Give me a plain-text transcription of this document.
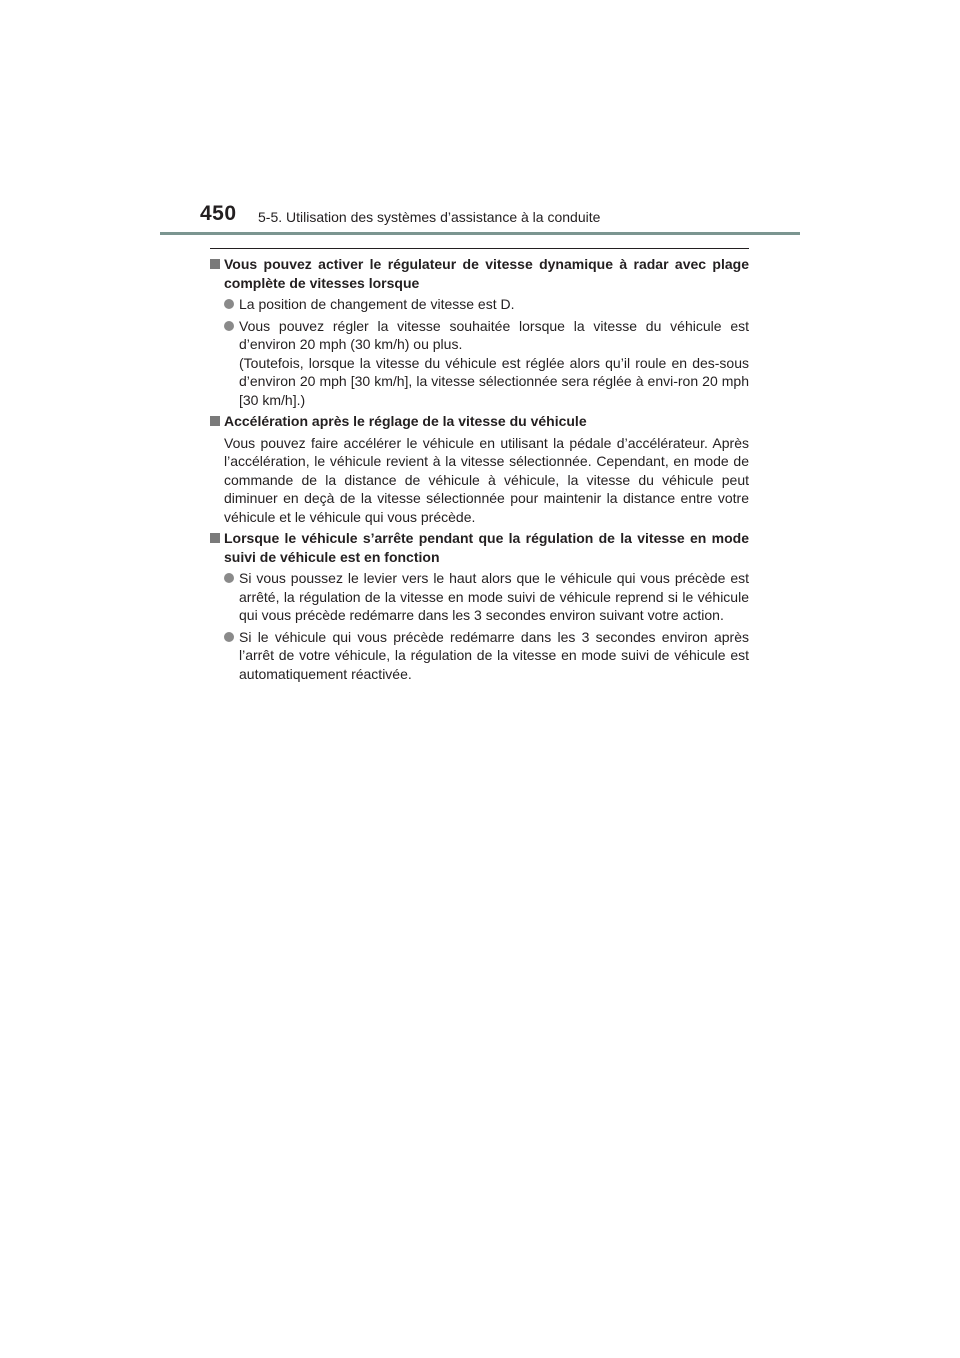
450 5-5. Utilisation des systèmes d’assistance à la conduite
Vous pouvez activer le régulateur de vitesse dynamique à radar avec plage complète de vitesses lorsque
La position de changement de vitesse est D.
Vous pouvez régler la vitesse souhaitée lorsque la vitesse du véhicule est d’environ 20 mph (30 km/h) ou plus.
(Toutefois, lorsque la vitesse du véhicule est réglée alors qu’il roule en des-sous d’environ 20 mph [30 km/h], la vitesse sélectionnée sera réglée à envi-ron 20 mph [30 km/h].)
Accélération après le réglage de la vitesse du véhicule
Vous pouvez faire accélérer le véhicule en utilisant la pédale d’accélérateur. Après l’accélération, le véhicule revient à la vitesse sélectionnée. Cependant, en mode de commande de la distance de véhicule à véhicule, la vitesse du véhicule peut diminuer en deçà de la vitesse sélectionnée pour maintenir la distance entre votre véhicule et le véhicule qui vous précède.
Lorsque le véhicule s’arrête pendant que la régulation de la vitesse en mode suivi de véhicule est en fonction
Si vous poussez le levier vers le haut alors que le véhicule qui vous précède est arrêté, la régulation de la vitesse en mode suivi de véhicule reprend si le véhicule qui vous précède redémarre dans les 3 secondes environ suivant votre action.
Si le véhicule qui vous précède redémarre dans les 3 secondes environ après l’arrêt de votre véhicule, la régulation de la vitesse en mode suivi de véhicule est automatiquement réactivée.
